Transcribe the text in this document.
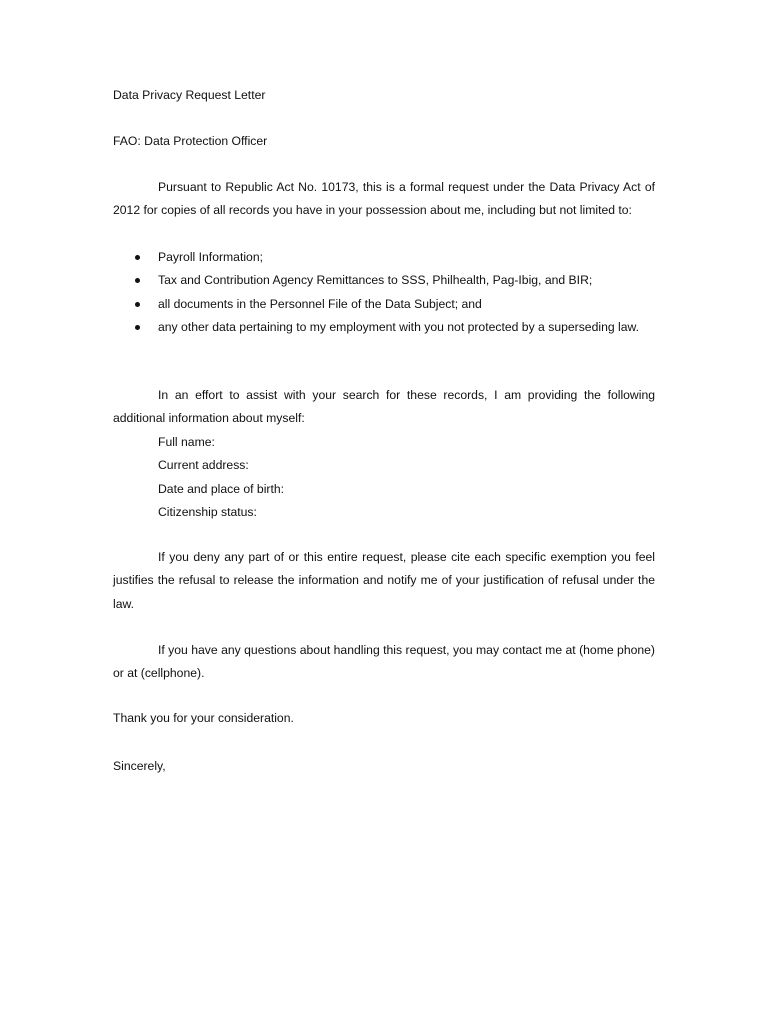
Data Privacy Request Letter
FAO: Data Protection Officer
Pursuant to Republic Act No. 10173, this is a formal request under the Data Privacy Act of 2012 for copies of all records you have in your possession about me, including but not limited to:
Payroll Information;
Tax and Contribution Agency Remittances to SSS, Philhealth, Pag-Ibig, and BIR;
all documents in the Personnel File of the Data Subject; and
any other data pertaining to my employment with you not protected by a superseding law.
In an effort to assist with your search for these records, I am providing the following additional information about myself:
Full name:
Current address:
Date and place of birth:
Citizenship status:
If you deny any part of or this entire request, please cite each specific exemption you feel justifies the refusal to release the information and notify me of your justification of refusal under the law.
If you have any questions about handling this request, you may contact me at (home phone) or at (cellphone).
Thank you for your consideration.
Sincerely,
